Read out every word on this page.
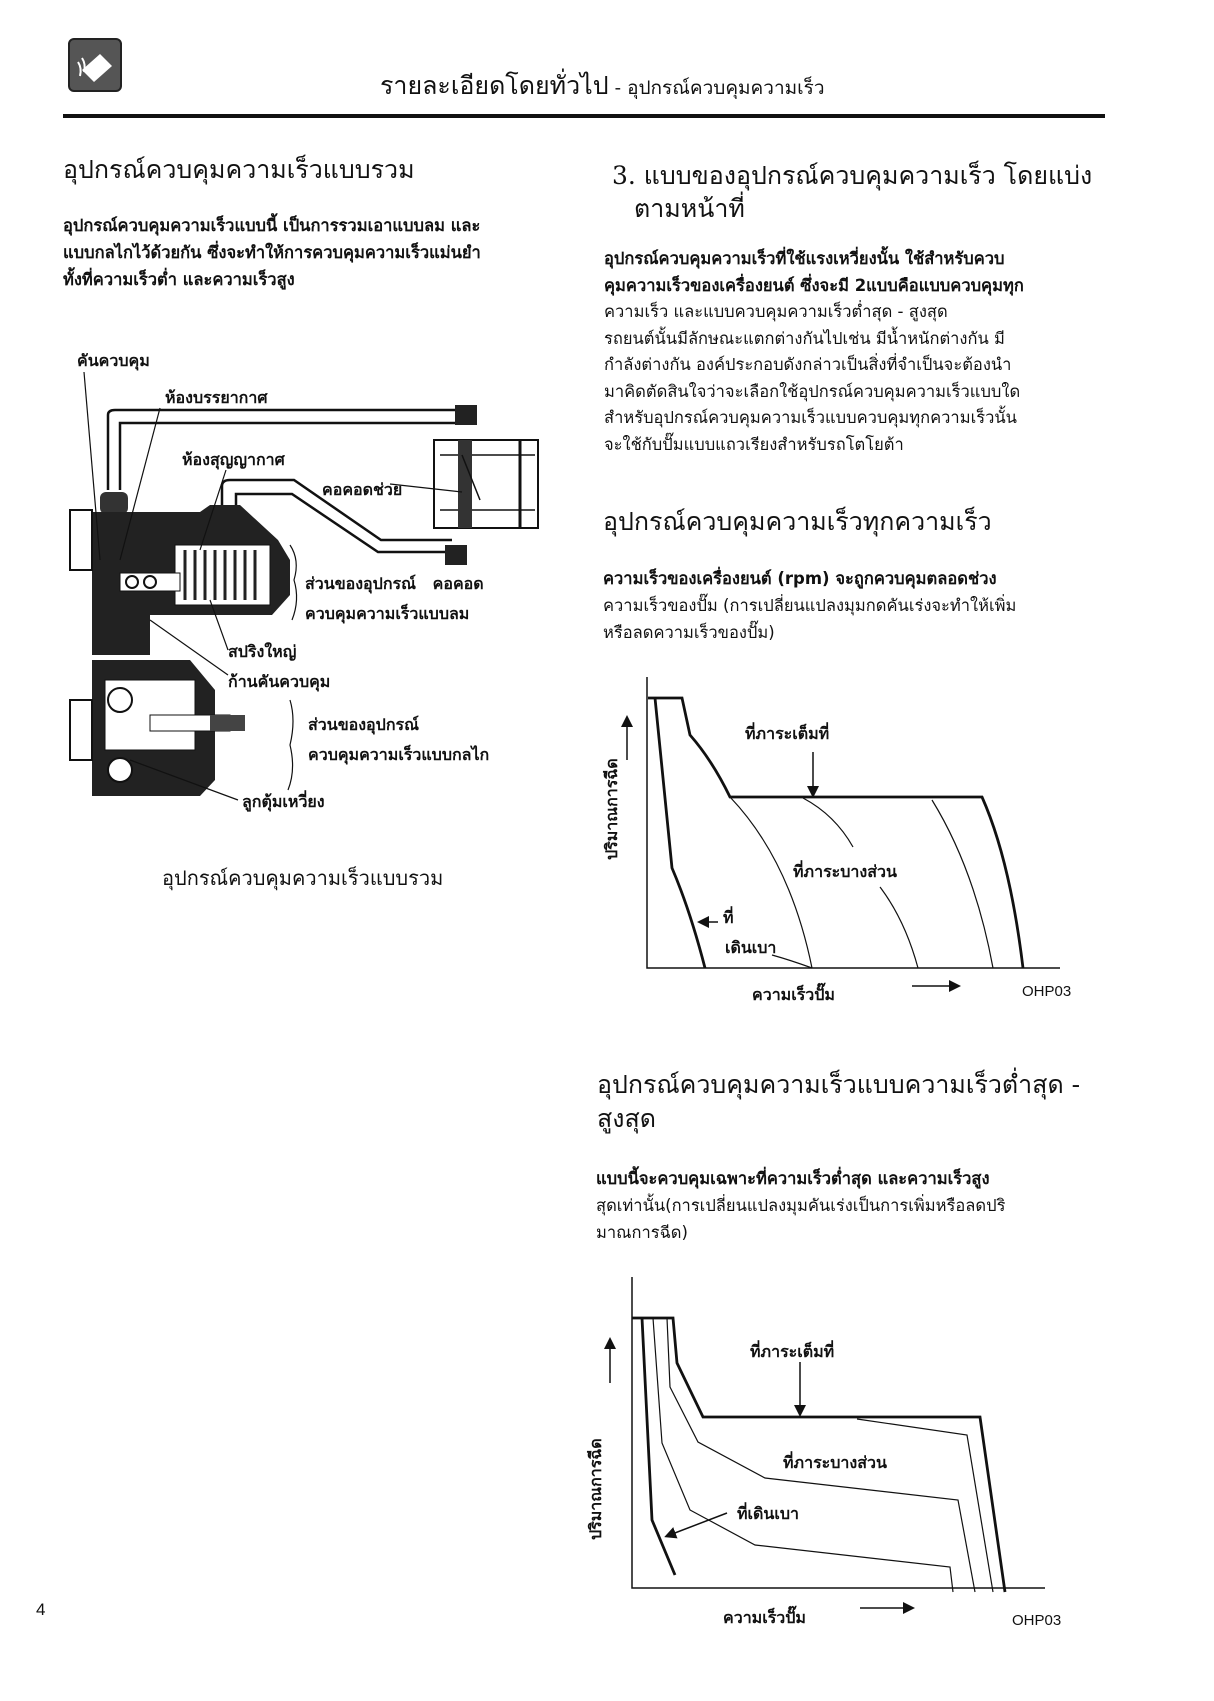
รายละเอียดโดยทั่วไป - อุปกรณ์ควบคุมความเร็ว
อุปกรณ์ควบคุมความเร็วแบบรวม
อุปกรณ์ควบคุมความเร็วแบบนี้ เป็นการรวมเอาแบบลม และ
แบบกลไกไว้ด้วยกัน ซึ่งจะทำให้การควบคุมความเร็วแม่นยำ
ทั้งที่ความเร็วต่ำ และความเร็วสูง
คันควบคุม
ห้องบรรยากาศ
ห้องสุญญากาศ
คอคอดช่วย
ส่วนของอุปกรณ์ คอคอด
ควบคุมความเร็วแบบลม
สปริงใหญ่
ก้านคันควบคุม
ส่วนของอุปกรณ์
ควบคุมความเร็วแบบกลไก
ลูกตุ้มเหวี่ยง
อุปกรณ์ควบคุมความเร็วแบบรวม
3. แบบของอุปกรณ์ควบคุมความเร็ว โดยแบ่ง
ตามหน้าที่
อุปกรณ์ควบคุมความเร็วที่ใช้แรงเหวี่ยงนั้น ใช้สำหรับควบ
คุมความเร็วของเครื่องยนต์ ซึ่งจะมี 2แบบคือแบบควบคุมทุก
ความเร็ว และแบบควบคุมความเร็วต่ำสุด - สูงสุด
รถยนต์นั้นมีลักษณะแตกต่างกันไปเช่น มีน้ำหนักต่างกัน มี
กำลังต่างกัน องค์ประกอบดังกล่าวเป็นสิ่งที่จำเป็นจะต้องนำ
มาคิดตัดสินใจว่าจะเลือกใช้อุปกรณ์ควบคุมความเร็วแบบใด
สำหรับอุปกรณ์ควบคุมความเร็วแบบควบคุมทุกความเร็วนั้น
จะใช้กับปั๊มแบบแถวเรียงสำหรับรถโตโยต้า
อุปกรณ์ควบคุมความเร็วทุกความเร็ว
ความเร็วของเครื่องยนต์ (rpm) จะถูกควบคุมตลอดช่วง
ความเร็วของปั๊ม (การเปลี่ยนแปลงมุมกดคันเร่งจะทำให้เพิ่ม
หรือลดความเร็วของปั๊ม)
ปริมาณการฉีด
ที่ภาระเต็มที่
ที่ภาระบางส่วน
ที่
เดินเบา
ความเร็วปั๊ม	OHP03
อุปกรณ์ควบคุมความเร็วแบบความเร็วต่ำสุด -
สูงสุด
แบบนี้จะควบคุมเฉพาะที่ความเร็วต่ำสุด และความเร็วสูง
สุดเท่านั้น(การเปลี่ยนแปลงมุมคันเร่งเป็นการเพิ่มหรือลดปริ
มาณการฉีด)
ปริมาณการฉีด
ที่ภาระเต็มที่
ที่ภาระบางส่วน
ที่เดินเบา
ความเร็วปั๊ม	OHP03
4
